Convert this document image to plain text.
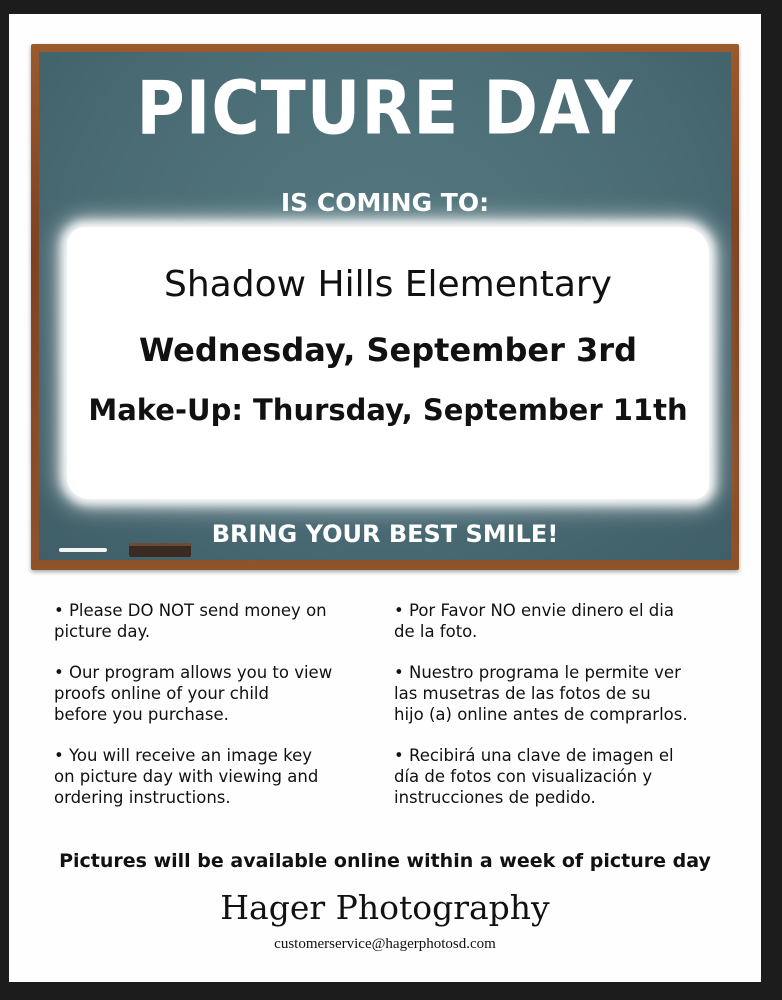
PICTURE DAY
IS COMING TO:
Shadow Hills Elementary
Wednesday, September 3rd
Make-Up: Thursday, September 11th
BRING YOUR BEST SMILE!
• Please DO NOT send money on
picture day.
• Our program allows you to view
proofs online of your child
before you purchase.
• You will receive an image key
on picture day with viewing and
ordering instructions.
• Por Favor NO envie dinero el dia
de la foto.
• Nuestro programa le permite ver
las musetras de las fotos de su
hijo (a) online antes de comprarlos.
• Recibirá una clave de imagen el
día de fotos con visualización y
instrucciones de pedido.
Pictures will be available online within a week of picture day
Hager Photography
customerservice@hagerphotosd.com
